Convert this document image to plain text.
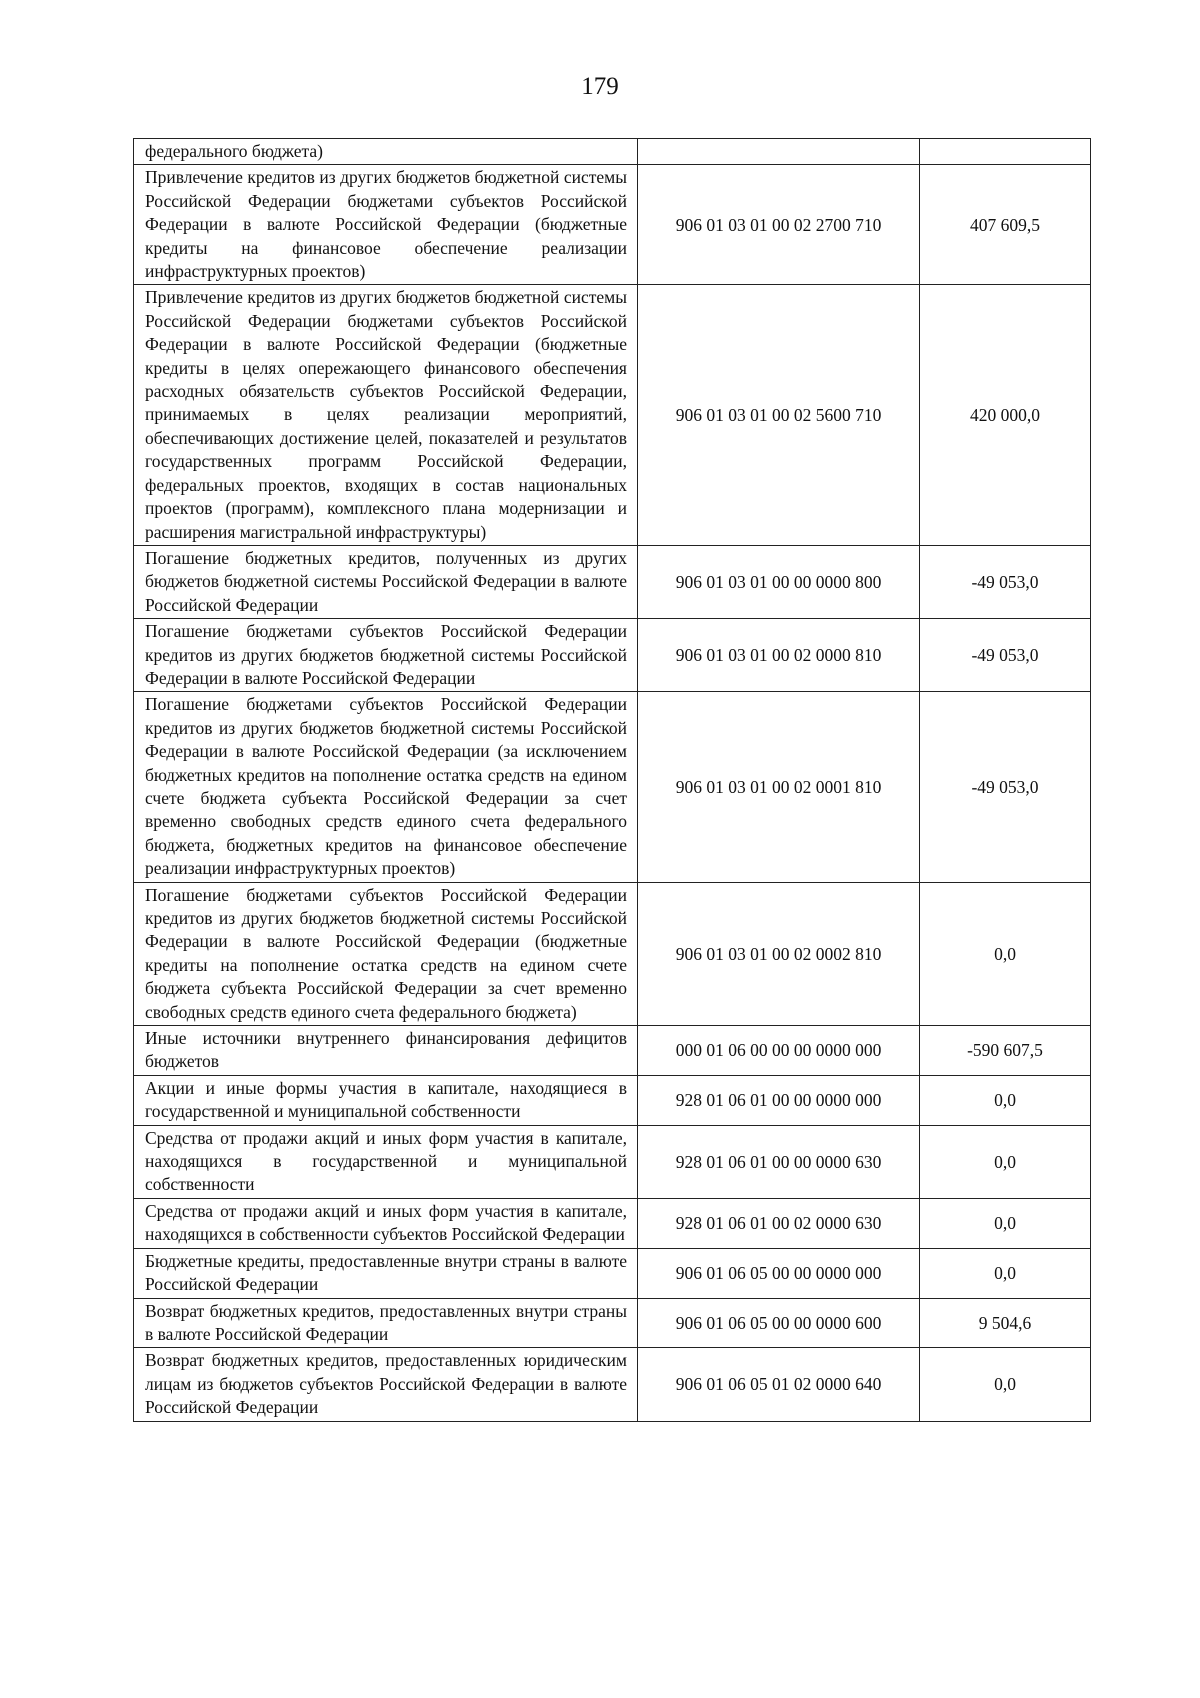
179
федерального бюджета)		
Привлечение кредитов из других бюджетов бюджетной системы Российской Федерации бюджетами субъектов Российской Федерации в валюте Российской Федерации (бюджетные кредиты на финансовое обеспечение реализации инфраструктурных проектов)	906 01 03 01 00 02 2700 710	407 609,5
Привлечение кредитов из других бюджетов бюджетной системы Российской Федерации бюджетами субъектов Российской Федерации в валюте Российской Федерации (бюджетные кредиты в целях опережающего финансового обеспечения расходных обязательств субъектов Российской Федерации, принимаемых в целях реализации мероприятий, обеспечивающих достижение целей, показателей и результатов государственных программ Российской Федерации, федеральных проектов, входящих в состав национальных проектов (программ), комплексного плана модернизации и расширения магистральной инфраструктуры)	906 01 03 01 00 02 5600 710	420 000,0
Погашение бюджетных кредитов, полученных из других бюджетов бюджетной системы Российской Федерации в валюте Российской Федерации	906 01 03 01 00 00 0000 800	-49 053,0
Погашение бюджетами субъектов Российской Федерации кредитов из других бюджетов бюджетной системы Российской Федерации в валюте Российской Федерации	906 01 03 01 00 02 0000 810	-49 053,0
Погашение бюджетами субъектов Российской Федерации кредитов из других бюджетов бюджетной системы Российской Федерации в валюте Российской Федерации (за исключением бюджетных кредитов на пополнение остатка средств на едином счете бюджета субъекта Российской Федерации за счет временно свободных средств единого счета федерального бюджета, бюджетных кредитов на финансовое обеспечение реализации инфраструктурных проектов)	906 01 03 01 00 02 0001 810	-49 053,0
Погашение бюджетами субъектов Российской Федерации кредитов из других бюджетов бюджетной системы Российской Федерации в валюте Российской Федерации (бюджетные кредиты на пополнение остатка средств на едином счете бюджета субъекта Российской Федерации за счет временно свободных средств единого счета федерального бюджета)	906 01 03 01 00 02 0002 810	0,0
Иные источники внутреннего финансирования дефицитов бюджетов	000 01 06 00 00 00 0000 000	-590 607,5
Акции и иные формы участия в капитале, находящиеся в государственной и муниципальной собственности	928 01 06 01 00 00 0000 000	0,0
Средства от продажи акций и иных форм участия в капитале, находящихся в государственной и муниципальной собственности	928 01 06 01 00 00 0000 630	0,0
Средства от продажи акций и иных форм участия в капитале, находящихся в собственности субъектов Российской Федерации	928 01 06 01 00 02 0000 630	0,0
Бюджетные кредиты, предоставленные внутри страны в валюте Российской Федерации	906 01 06 05 00 00 0000 000	0,0
Возврат бюджетных кредитов, предоставленных внутри страны в валюте Российской Федерации	906 01 06 05 00 00 0000 600	9 504,6
Возврат бюджетных кредитов, предоставленных юридическим лицам из бюджетов субъектов Российской Федерации в валюте Российской Федерации	906 01 06 05 01 02 0000 640	0,0
